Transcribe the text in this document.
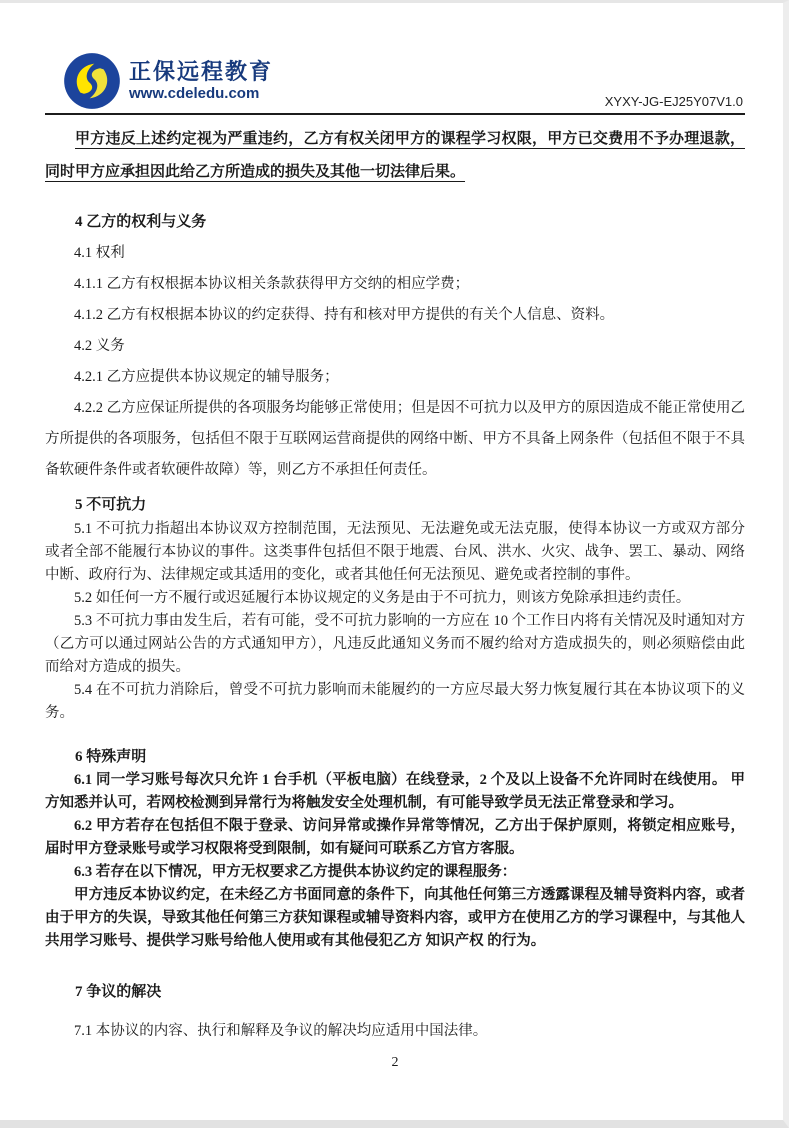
正保远程教育
www.cdeledu.com	XYXY-JG-EJ25Y07V1.0

甲方违反上述约定视为严重违约，乙方有权关闭甲方的课程学习权限，甲方已交费用不予办理退款，同时甲方应承担因此给乙方所造成的损失及其他一切法律后果。

4 乙方的权利与义务

4.1 权利

4.1.1 乙方有权根据本协议相关条款获得甲方交纳的相应学费；

4.1.2 乙方有权根据本协议的约定获得、持有和核对甲方提供的有关个人信息、资料。

4.2 义务

4.2.1 乙方应提供本协议规定的辅导服务；

4.2.2 乙方应保证所提供的各项服务均能够正常使用；但是因不可抗力以及甲方的原因造成不能正常使用乙方所提供的各项服务，包括但不限于互联网运营商提供的网络中断、甲方不具备上网条件（包括但不限于不具备软硬件条件或者软硬件故障）等，则乙方不承担任何责任。

5 不可抗力

5.1 不可抗力指超出本协议双方控制范围，无法预见、无法避免或无法克服，使得本协议一方或双方部分或者全部不能履行本协议的事件。这类事件包括但不限于地震、台风、洪水、火灾、战争、罢工、暴动、网络中断、政府行为、法律规定或其适用的变化，或者其他任何无法预见、避免或者控制的事件。

5.2 如任何一方不履行或迟延履行本协议规定的义务是由于不可抗力，则该方免除承担违约责任。

5.3 不可抗力事由发生后，若有可能，受不可抗力影响的一方应在 10 个工作日内将有关情况及时通知对方（乙方可以通过网站公告的方式通知甲方），凡违反此通知义务而不履约给对方造成损失的，则必须赔偿由此而给对方造成的损失。

5.4 在不可抗力消除后，曾受不可抗力影响而未能履约的一方应尽最大努力恢复履行其在本协议项下的义务。

6 特殊声明

6.1 同一学习账号每次只允许 1 台手机（平板电脑）在线登录，2 个及以上设备不允许同时在线使用。 甲方知悉并认可，若网校检测到异常行为将触发安全处理机制，有可能导致学员无法正常登录和学习。

6.2 甲方若存在包括但不限于登录、访问异常或操作异常等情况，乙方出于保护原则，将锁定相应账号，届时甲方登录账号或学习权限将受到限制，如有疑问可联系乙方官方客服。

6.3 若存在以下情况，甲方无权要求乙方提供本协议约定的课程服务：

甲方违反本协议约定，在未经乙方书面同意的条件下，向其他任何第三方透露课程及辅导资料内容，或者由于甲方的失误，导致其他任何第三方获知课程或辅导资料内容，或甲方在使用乙方的学习课程中，与其他人共用学习账号、提供学习账号给他人使用或有其他侵犯乙方 知识产权 的行为。

7 争议的解决

7.1 本协议的内容、执行和解释及争议的解决均应适用中国法律。

2
